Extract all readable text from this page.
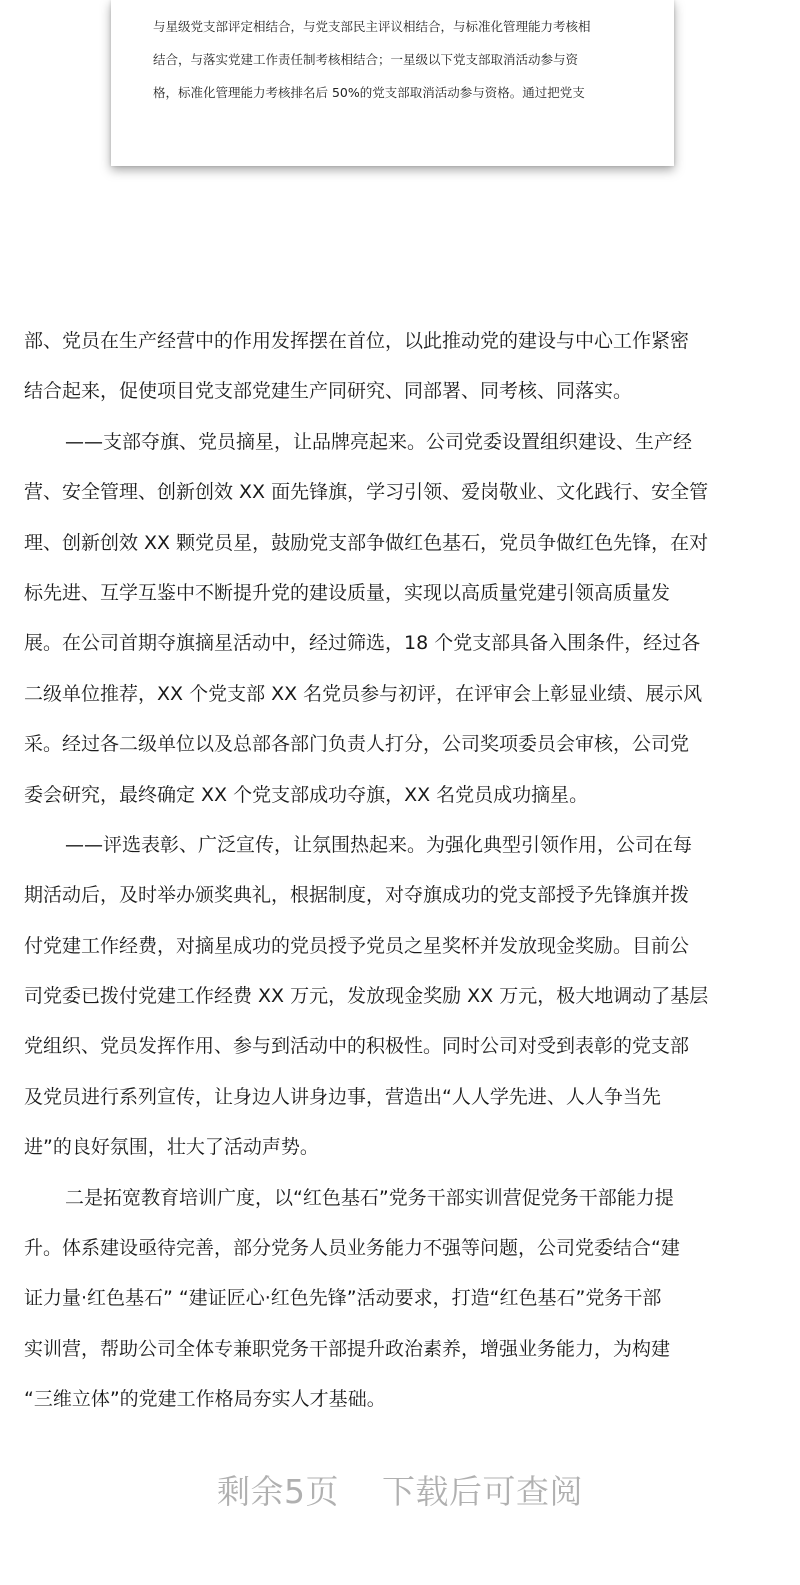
与星级党支部评定相结合，与党支部民主评议相结合，与标准化管理能力考核相
结合，与落实党建工作责任制考核相结合；一星级以下党支部取消活动参与资
格，标准化管理能力考核排名后 50%的党支部取消活动参与资格。通过把党支
部、党员在生产经营中的作用发挥摆在首位，以此推动党的建设与中心工作紧密
结合起来，促使项目党支部党建生产同研究、同部署、同考核、同落实。
——支部夺旗、党员摘星，让品牌亮起来。公司党委设置组织建设、生产经
营、安全管理、创新创效 XX 面先锋旗，学习引领、爱岗敬业、文化践行、安全管
理、创新创效 XX 颗党员星，鼓励党支部争做红色基石，党员争做红色先锋，在对
标先进、互学互鉴中不断提升党的建设质量，实现以高质量党建引领高质量发
展。在公司首期夺旗摘星活动中，经过筛选，18 个党支部具备入围条件，经过各
二级单位推荐，XX 个党支部 XX 名党员参与初评，在评审会上彰显业绩、展示风
采。经过各二级单位以及总部各部门负责人打分，公司奖项委员会审核，公司党
委会研究，最终确定 XX 个党支部成功夺旗，XX 名党员成功摘星。
——评选表彰、广泛宣传，让氛围热起来。为强化典型引领作用，公司在每
期活动后，及时举办颁奖典礼，根据制度，对夺旗成功的党支部授予先锋旗并拨
付党建工作经费，对摘星成功的党员授予党员之星奖杯并发放现金奖励。目前公
司党委已拨付党建工作经费 XX 万元，发放现金奖励 XX 万元，极大地调动了基层
党组织、党员发挥作用、参与到活动中的积极性。同时公司对受到表彰的党支部
及党员进行系列宣传，让身边人讲身边事，营造出“人人学先进、人人争当先
进”的良好氛围，壮大了活动声势。
二是拓宽教育培训广度，以“红色基石”党务干部实训营促党务干部能力提
升。体系建设亟待完善，部分党务人员业务能力不强等问题，公司党委结合“建
证力量·红色基石” “建证匠心·红色先锋”活动要求，打造“红色基石”党务干部
实训营，帮助公司全体专兼职党务干部提升政治素养，增强业务能力，为构建
“三维立体”的党建工作格局夯实人才基础。
剩余5页 下载后可查阅
